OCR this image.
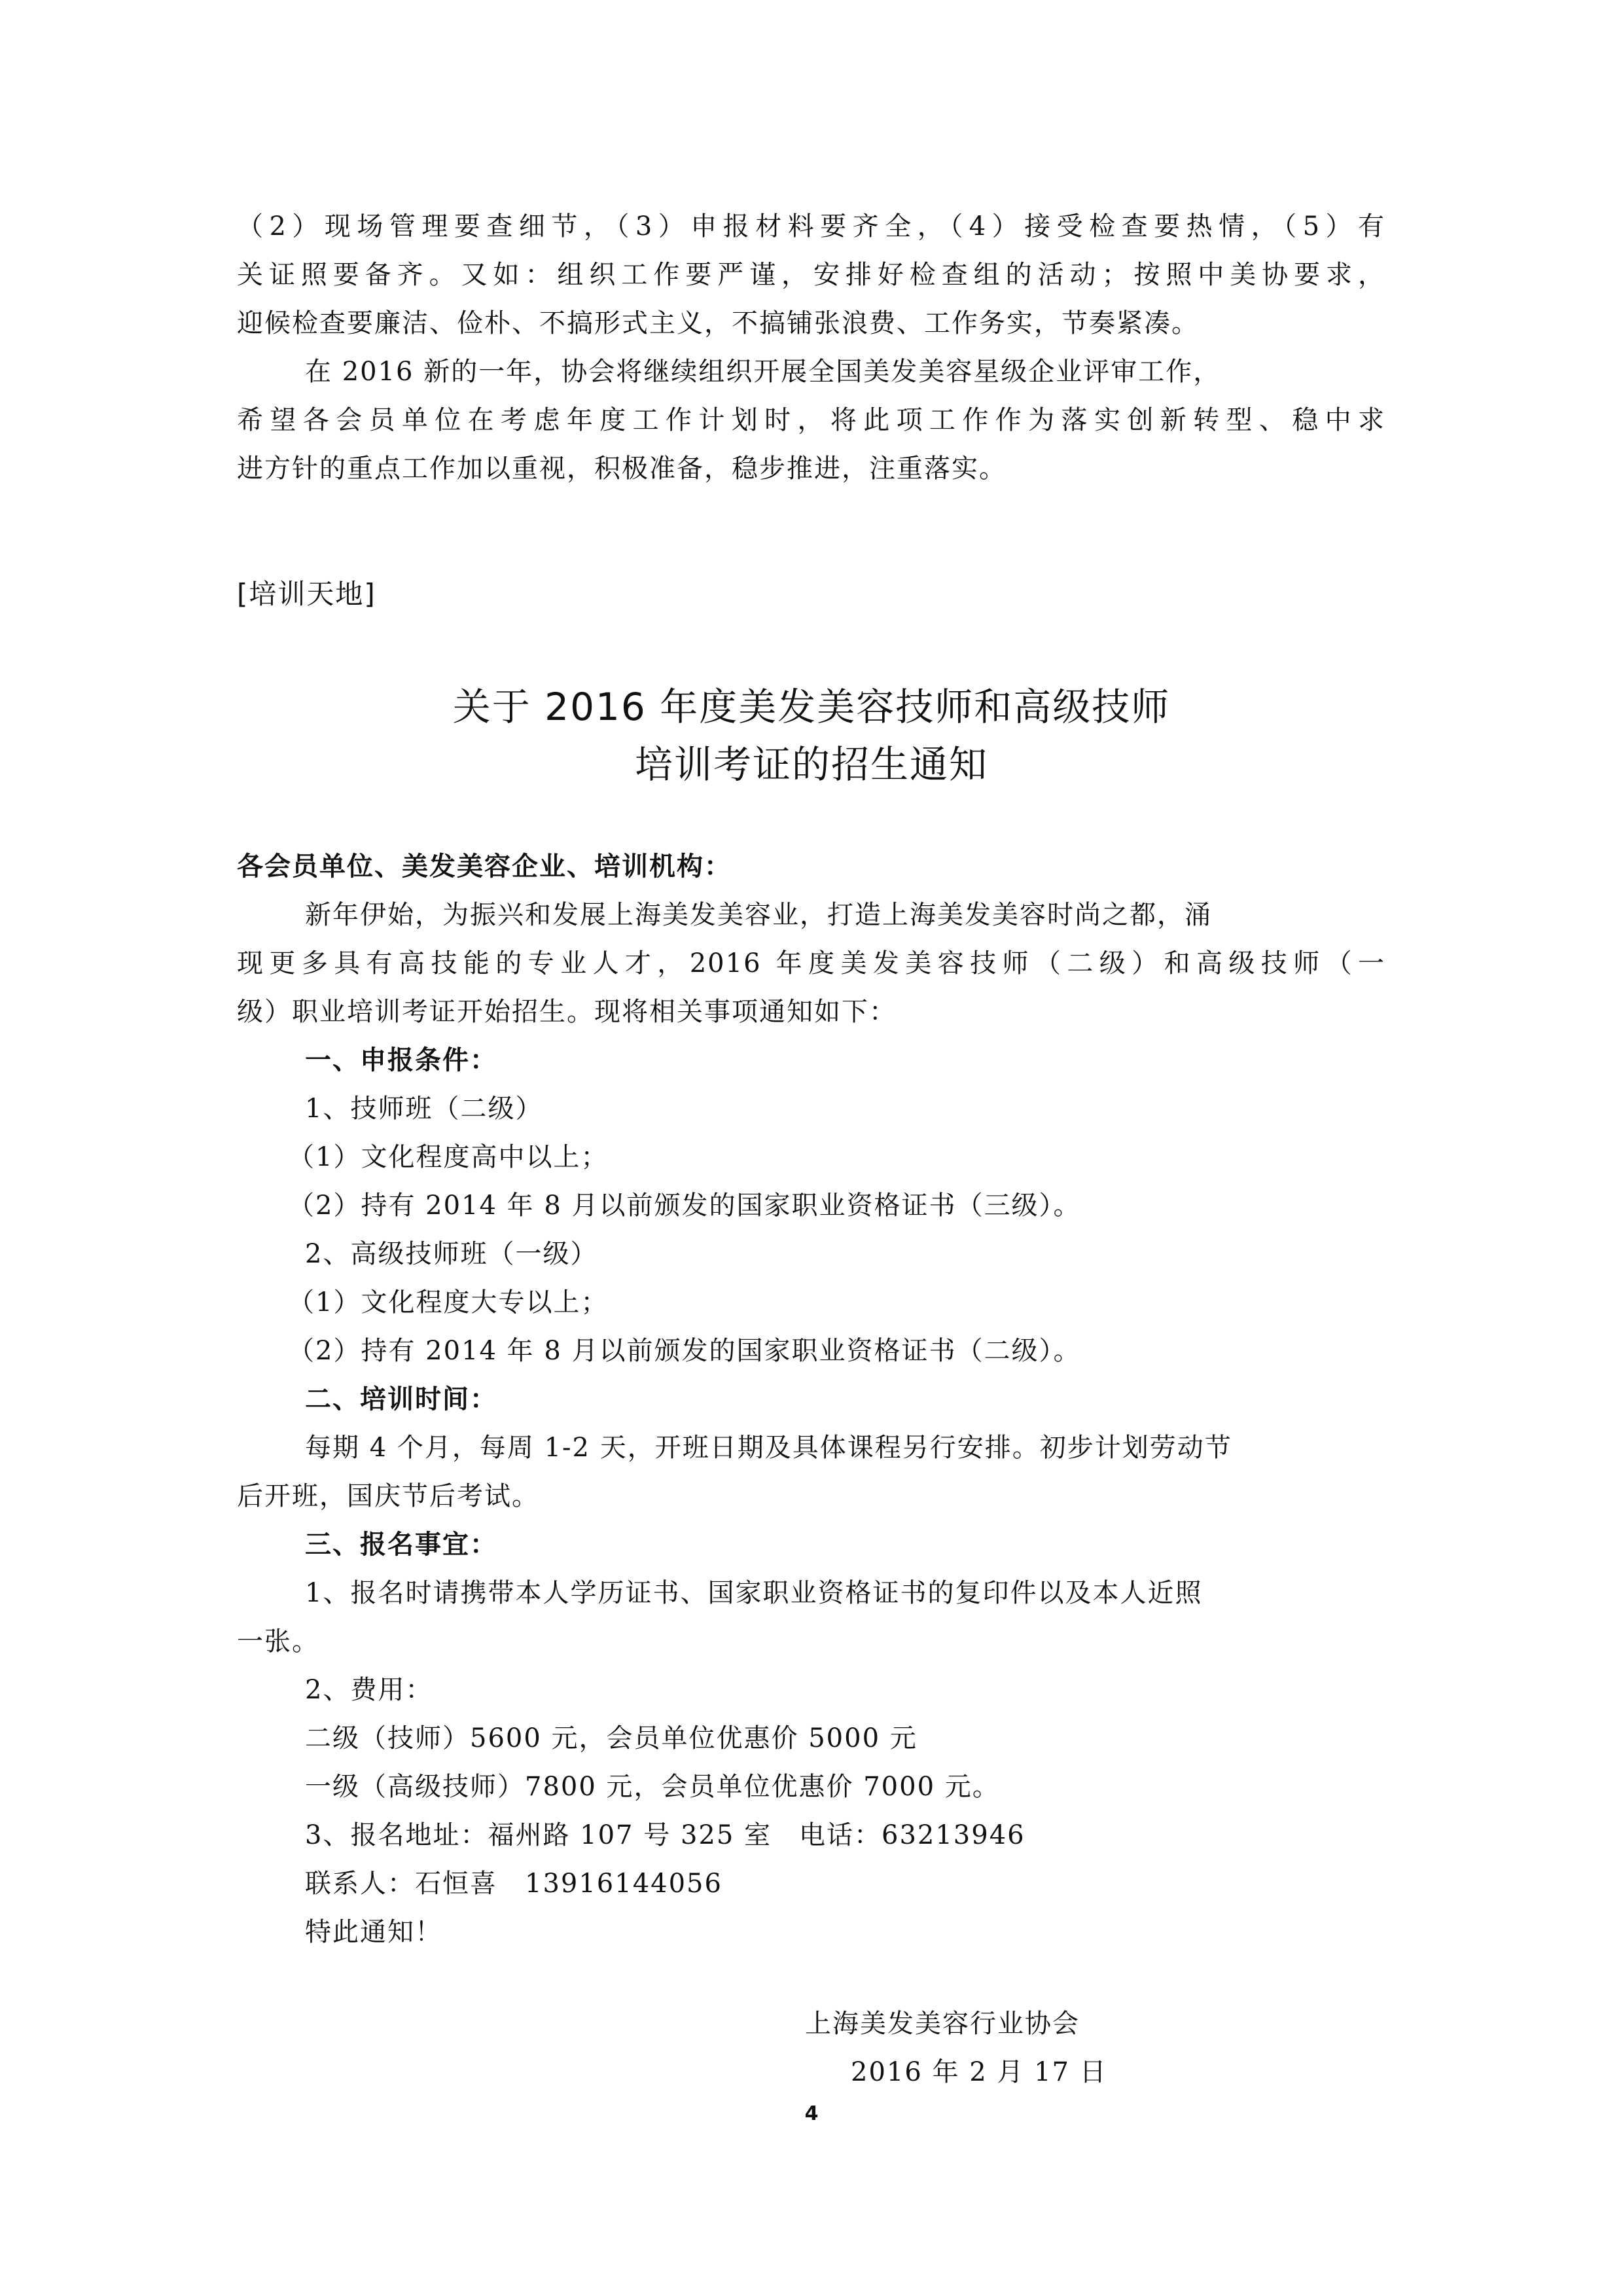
（2）现场管理要查细节，（3）申报材料要齐全，（4）接受检查要热情，（5）有
关证照要备齐。又如：组织工作要严谨，安排好检查组的活动；按照中美协要求，
迎候检查要廉洁、俭朴、不搞形式主义，不搞铺张浪费、工作务实，节奏紧凑。
在 2016 新的一年，协会将继续组织开展全国美发美容星级企业评审工作，
希望各会员单位在考虑年度工作计划时，将此项工作作为落实创新转型、稳中求
进方针的重点工作加以重视，积极准备，稳步推进，注重落实。
[培训天地]
关于 2016 年度美发美容技师和高级技师
培训考证的招生通知
各会员单位、美发美容企业、培训机构：
新年伊始，为振兴和发展上海美发美容业，打造上海美发美容时尚之都，涌
现更多具有高技能的专业人才，2016 年度美发美容技师（二级）和高级技师（一
级）职业培训考证开始招生。现将相关事项通知如下：
一、申报条件：
1、技师班（二级）
（1）文化程度高中以上；
（2）持有 2014 年 8 月以前颁发的国家职业资格证书（三级）。
2、高级技师班（一级）
（1）文化程度大专以上；
（2）持有 2014 年 8 月以前颁发的国家职业资格证书（二级）。
二、培训时间：
每期 4 个月，每周 1-2 天，开班日期及具体课程另行安排。初步计划劳动节
后开班，国庆节后考试。
三、报名事宜：
1、报名时请携带本人学历证书、国家职业资格证书的复印件以及本人近照
一张。
2、费用：
二级（技师）5600 元，会员单位优惠价 5000 元
一级（高级技师）7800 元，会员单位优惠价 7000 元。
3、报名地址：福州路 107 号 325 室　电话：63213946
联系人：石恒喜　13916144056
特此通知！
上海美发美容行业协会
2016 年 2 月 17 日
4
